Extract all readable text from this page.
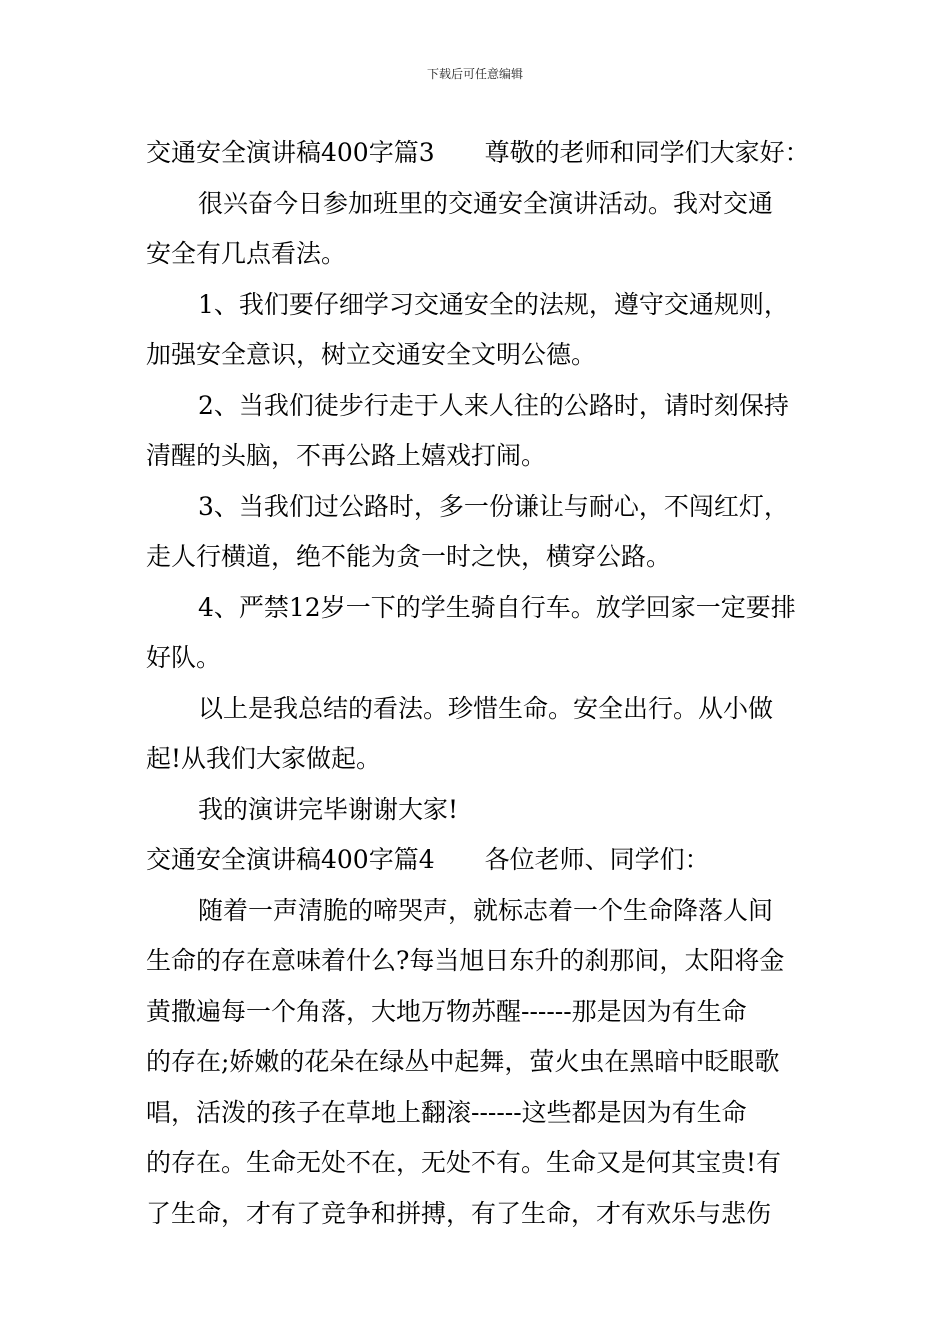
下载后可任意编辑
交通安全演讲稿400字篇3　　尊敬的老师和同学们大家好：
很兴奋今日参加班里的交通安全演讲活动。我对交通
安全有几点看法。
1、我们要仔细学习交通安全的法规，遵守交通规则，
加强安全意识，树立交通安全文明公德。
2、当我们徒步行走于人来人往的公路时，请时刻保持
清醒的头脑，不再公路上嬉戏打闹。
3、当我们过公路时，多一份谦让与耐心，不闯红灯，
走人行横道，绝不能为贪一时之快，横穿公路。
4、严禁12岁一下的学生骑自行车。放学回家一定要排
好队。
以上是我总结的看法。珍惜生命。安全出行。从小做
起!从我们大家做起。
我的演讲完毕谢谢大家!
交通安全演讲稿400字篇4　　各位老师、同学们：
随着一声清脆的啼哭声，就标志着一个生命降落人间
生命的存在意味着什么?每当旭日东升的刹那间，太阳将金
黄撒遍每一个角落，大地万物苏醒------那是因为有生命
的存在;娇嫩的花朵在绿丛中起舞，萤火虫在黑暗中眨眼歌
唱，活泼的孩子在草地上翻滚------这些都是因为有生命
的存在。生命无处不在，无处不有。生命又是何其宝贵!有
了生命，才有了竞争和拼搏，有了生命，才有欢乐与悲伤
